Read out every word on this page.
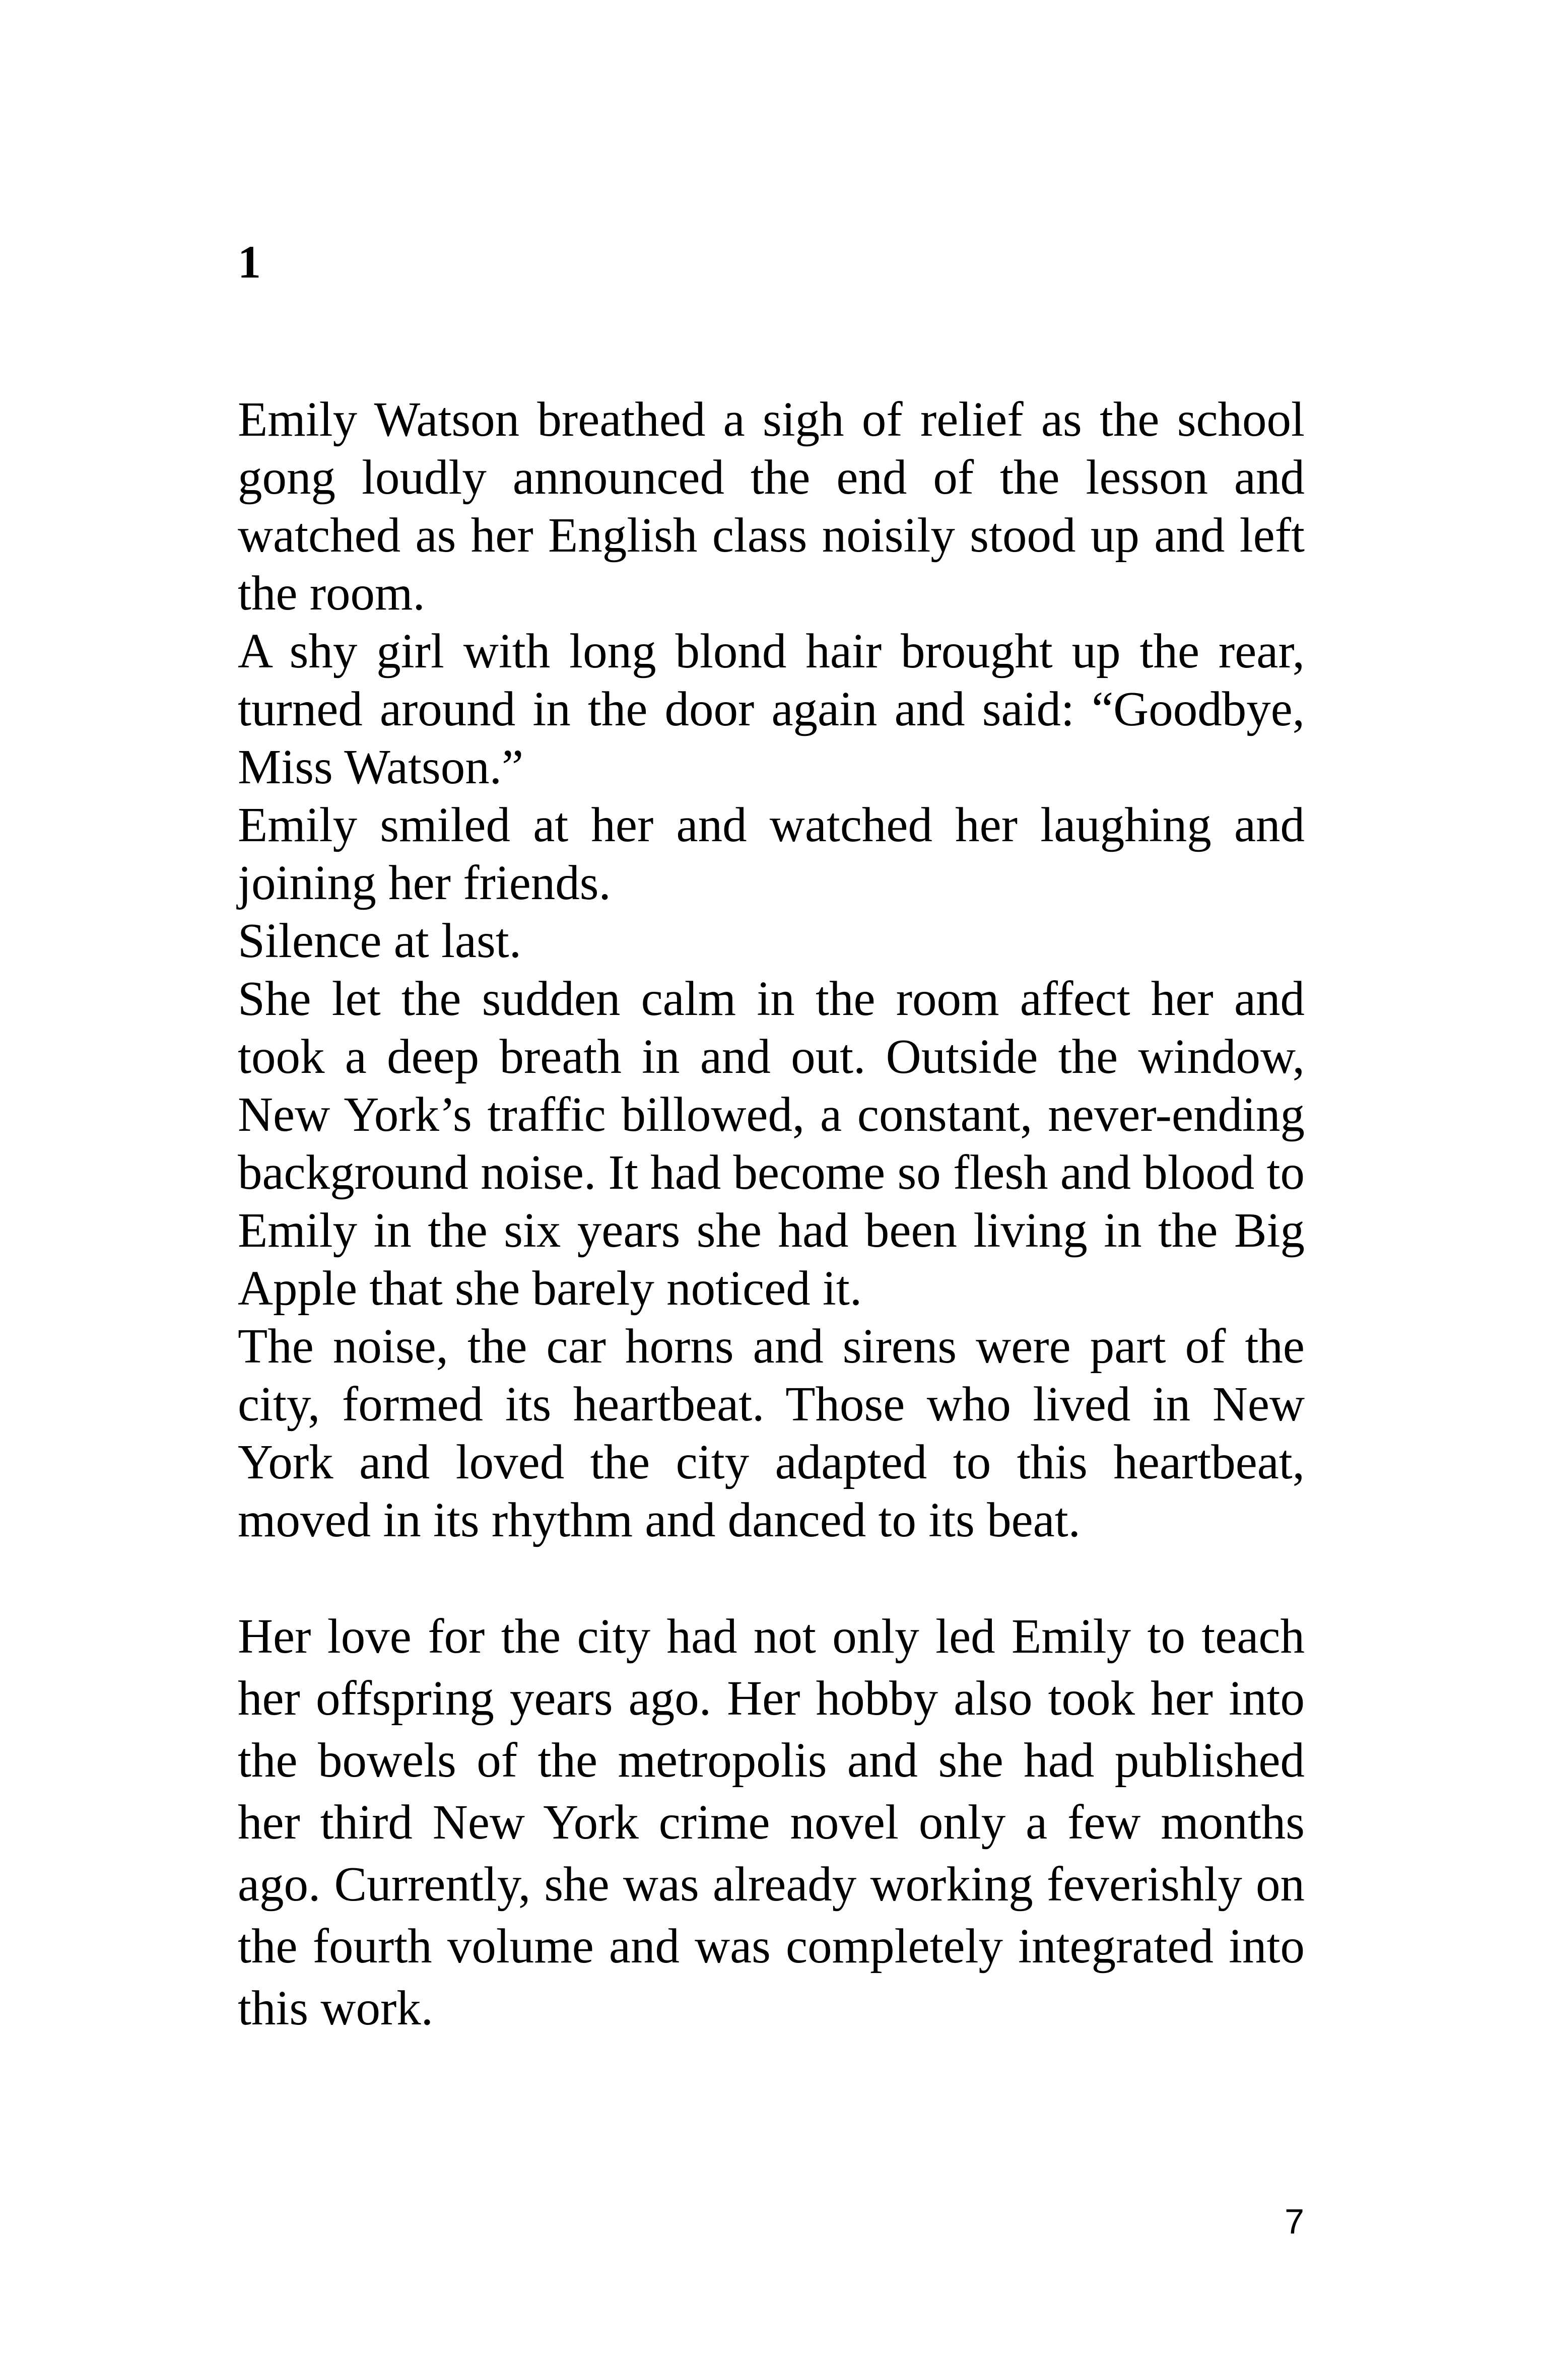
1

Emily Watson breathed a sigh of relief as the school gong loudly announced the end of the lesson and watched as her English class noisily stood up and left the room.

A shy girl with long blond hair brought up the rear, turned around in the door again and said: “Goodbye, Miss Watson.”

Emily smiled at her and watched her laughing and joining her friends.

Silence at last.

She let the sudden calm in the room affect her and took a deep breath in and out. Outside the window, New York’s traffic billowed, a constant, never-ending background noise. It had become so flesh and blood to Emily in the six years she had been living in the Big Apple that she barely noticed it.

The noise, the car horns and sirens were part of the city, formed its heartbeat. Those who lived in New York and loved the city adapted to this heartbeat, moved in its rhythm and danced to its beat.

Her love for the city had not only led Emily to teach her offspring years ago. Her hobby also took her into the bowels of the metropolis and she had published her third New York crime novel only a few months ago. Currently, she was already working feverishly on the fourth volume and was completely integrated into this work.

7
